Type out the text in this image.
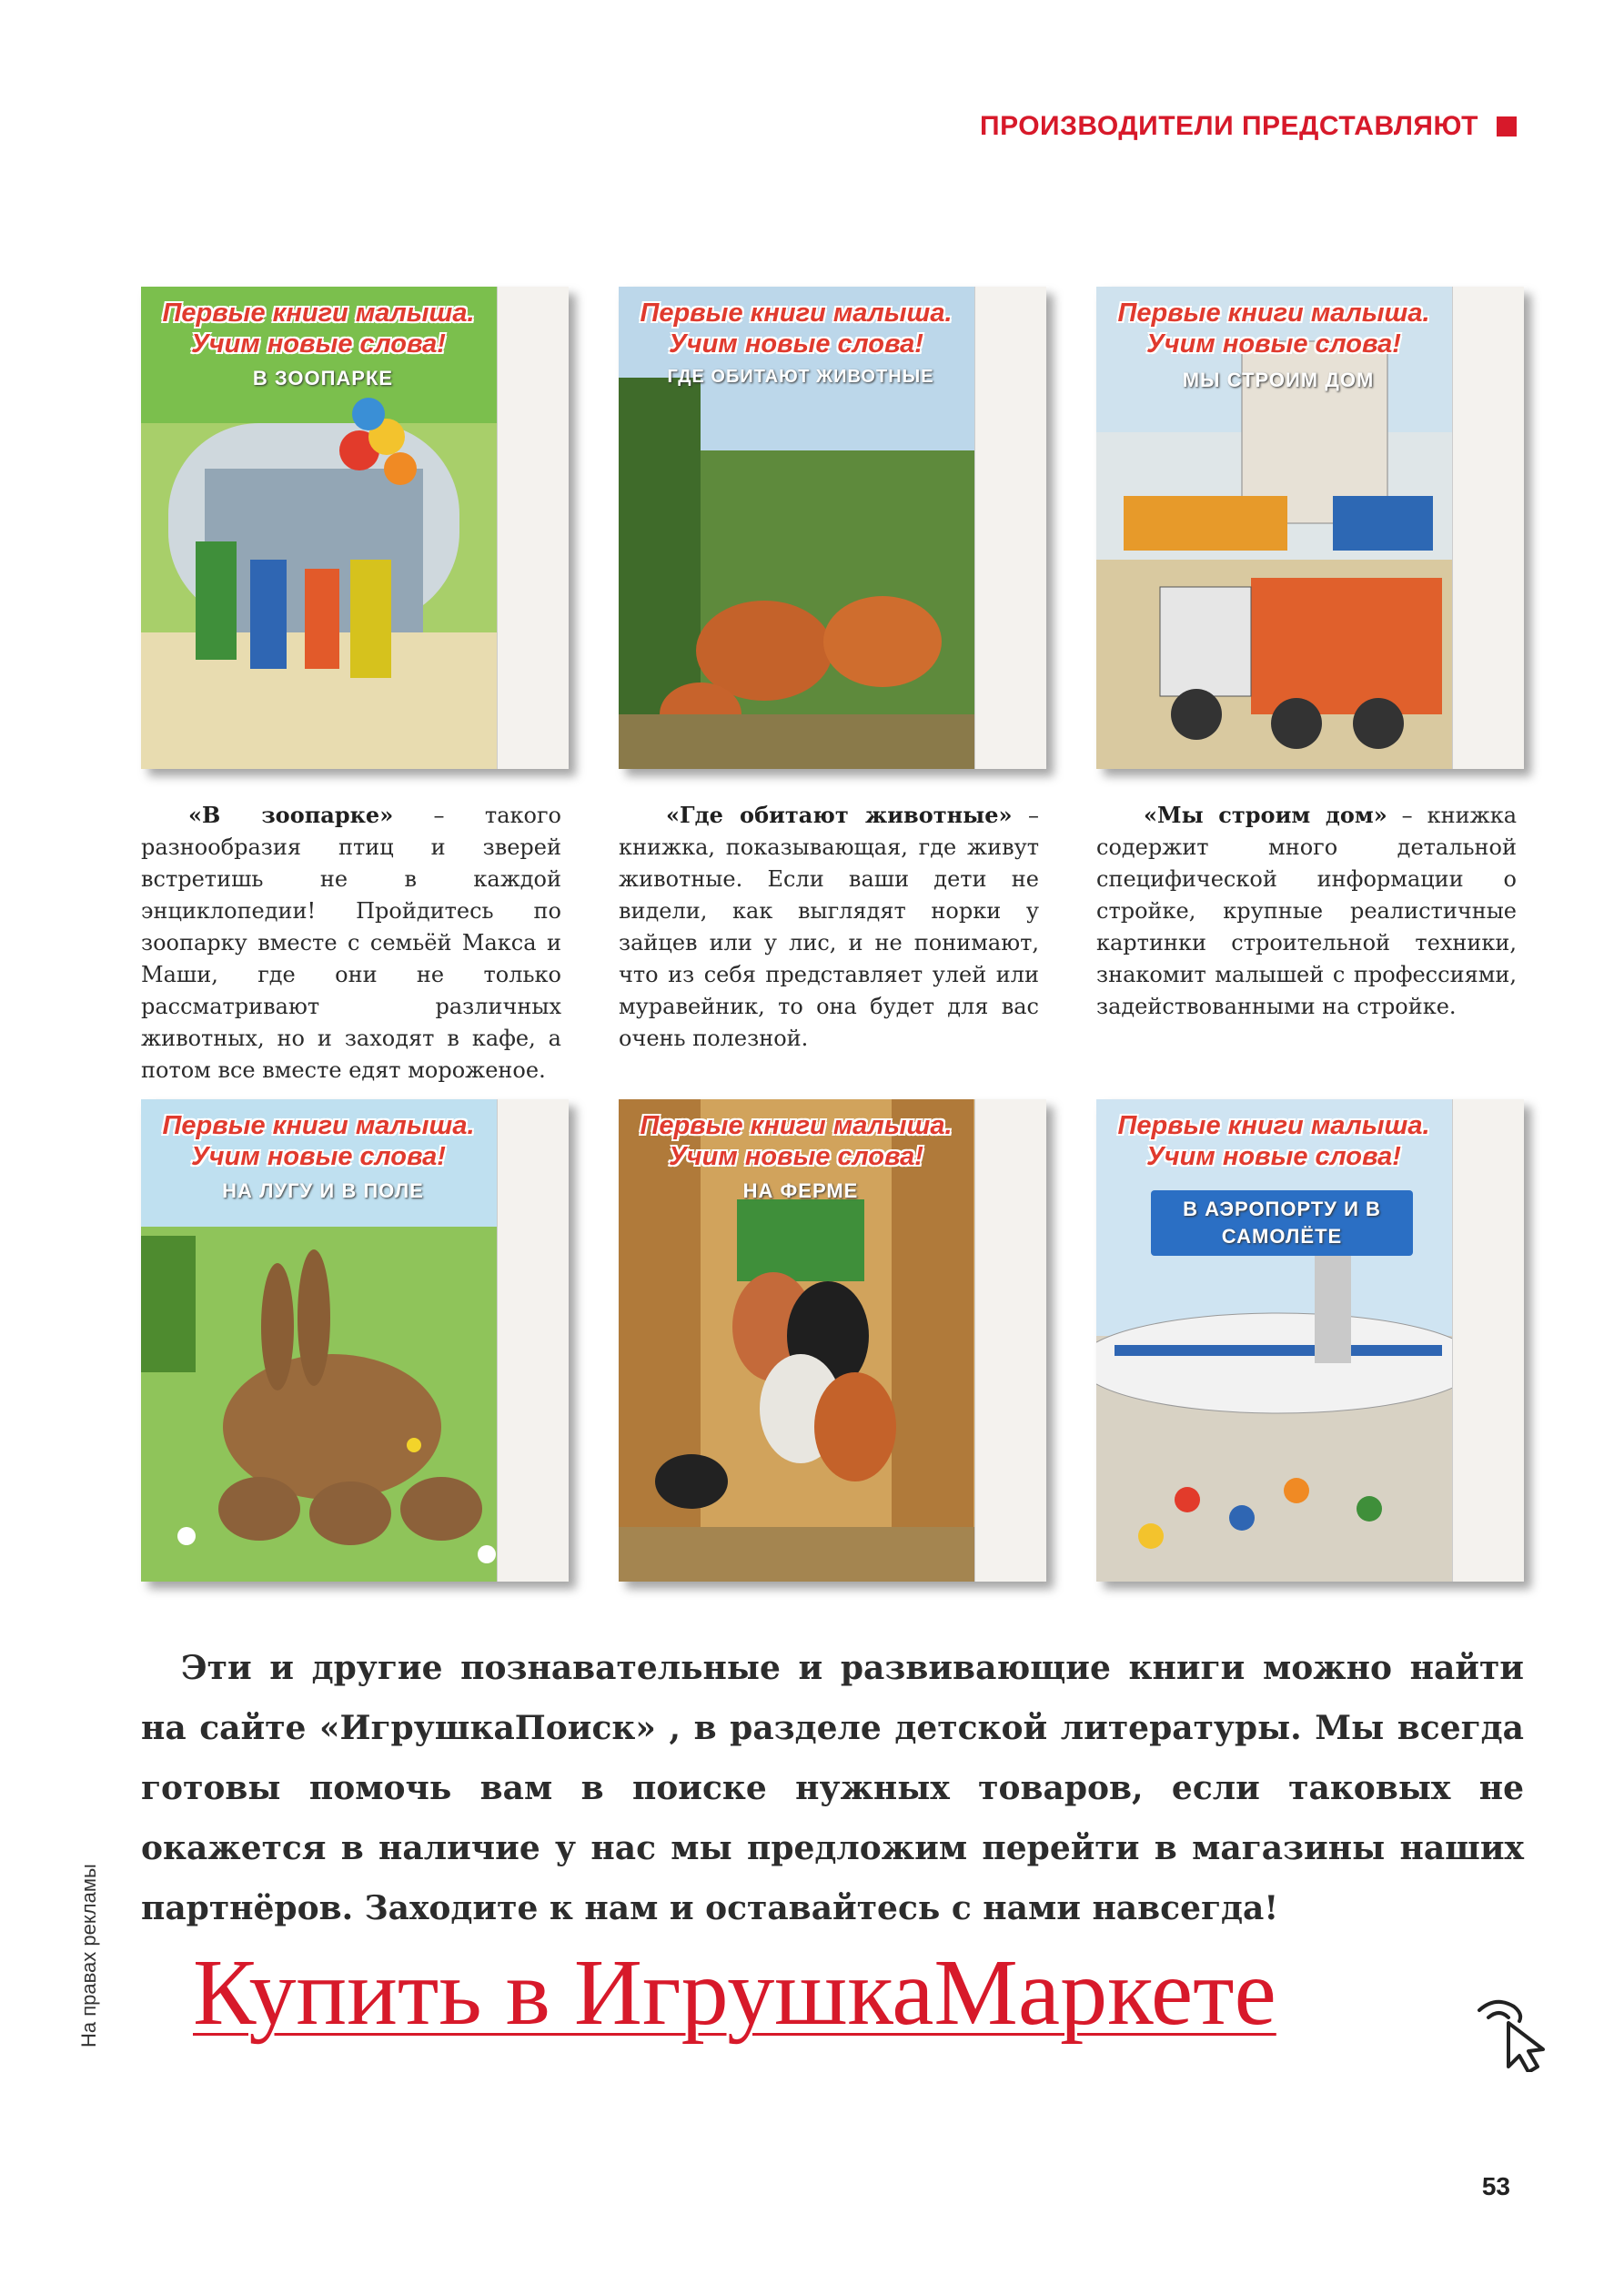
ПРОИЗВОДИТЕЛИ ПРЕДСТАВЛЯЮТ
Первые книги малыша.
Учим новые слова!
В ЗООПАРКЕ
Первые книги малыша.
Учим новые слова!
ГДЕ ОБИТАЮТ ЖИВОТНЫЕ
Первые книги малыша.
Учим новые слова!
МЫ СТРОИМ ДОМ
«В зоопарке» – такого разнообразия птиц и зверей встретишь не в каждой энциклопедии! Пройдитесь по зоопарку вместе с семьёй Макса и Маши, где они не только рассматривают различных животных, но и заходят в кафе, а потом все вместе едят мороженое.
«Где обитают животные» – книжка, показывающая, где живут животные. Если ваши дети не видели, как выглядят норки у зайцев или у лис, и не понимают, что из себя представляет улей или муравейник, то она будет для вас очень полезной.
«Мы строим дом» – книжка содержит много детальной специфической информации о стройке, крупные реалистичные картинки строительной техники, знакомит малышей с профессиями, задействованными на стройке.
Первые книги малыша.
Учим новые слова!
НА ЛУГУ И В ПОЛЕ
Первые книги малыша.
Учим новые слова!
НА ФЕРМЕ
Первые книги малыша.
Учим новые слова!
В АЭРОПОРТУ И В САМОЛЁТЕ
Эти и другие познавательные и развивающие книги можно найти на сайте «ИгрушкаПоиск» , в разделе детской литературы. Мы всегда готовы помочь вам в поиске нужных товаров, если таковых не окажется в наличие у нас мы предложим перейти в магазины наших партнёров. Заходите к нам и оставайтесь с нами навсегда!
Купить в ИгрушкаМаркете
На правах рекламы
53
